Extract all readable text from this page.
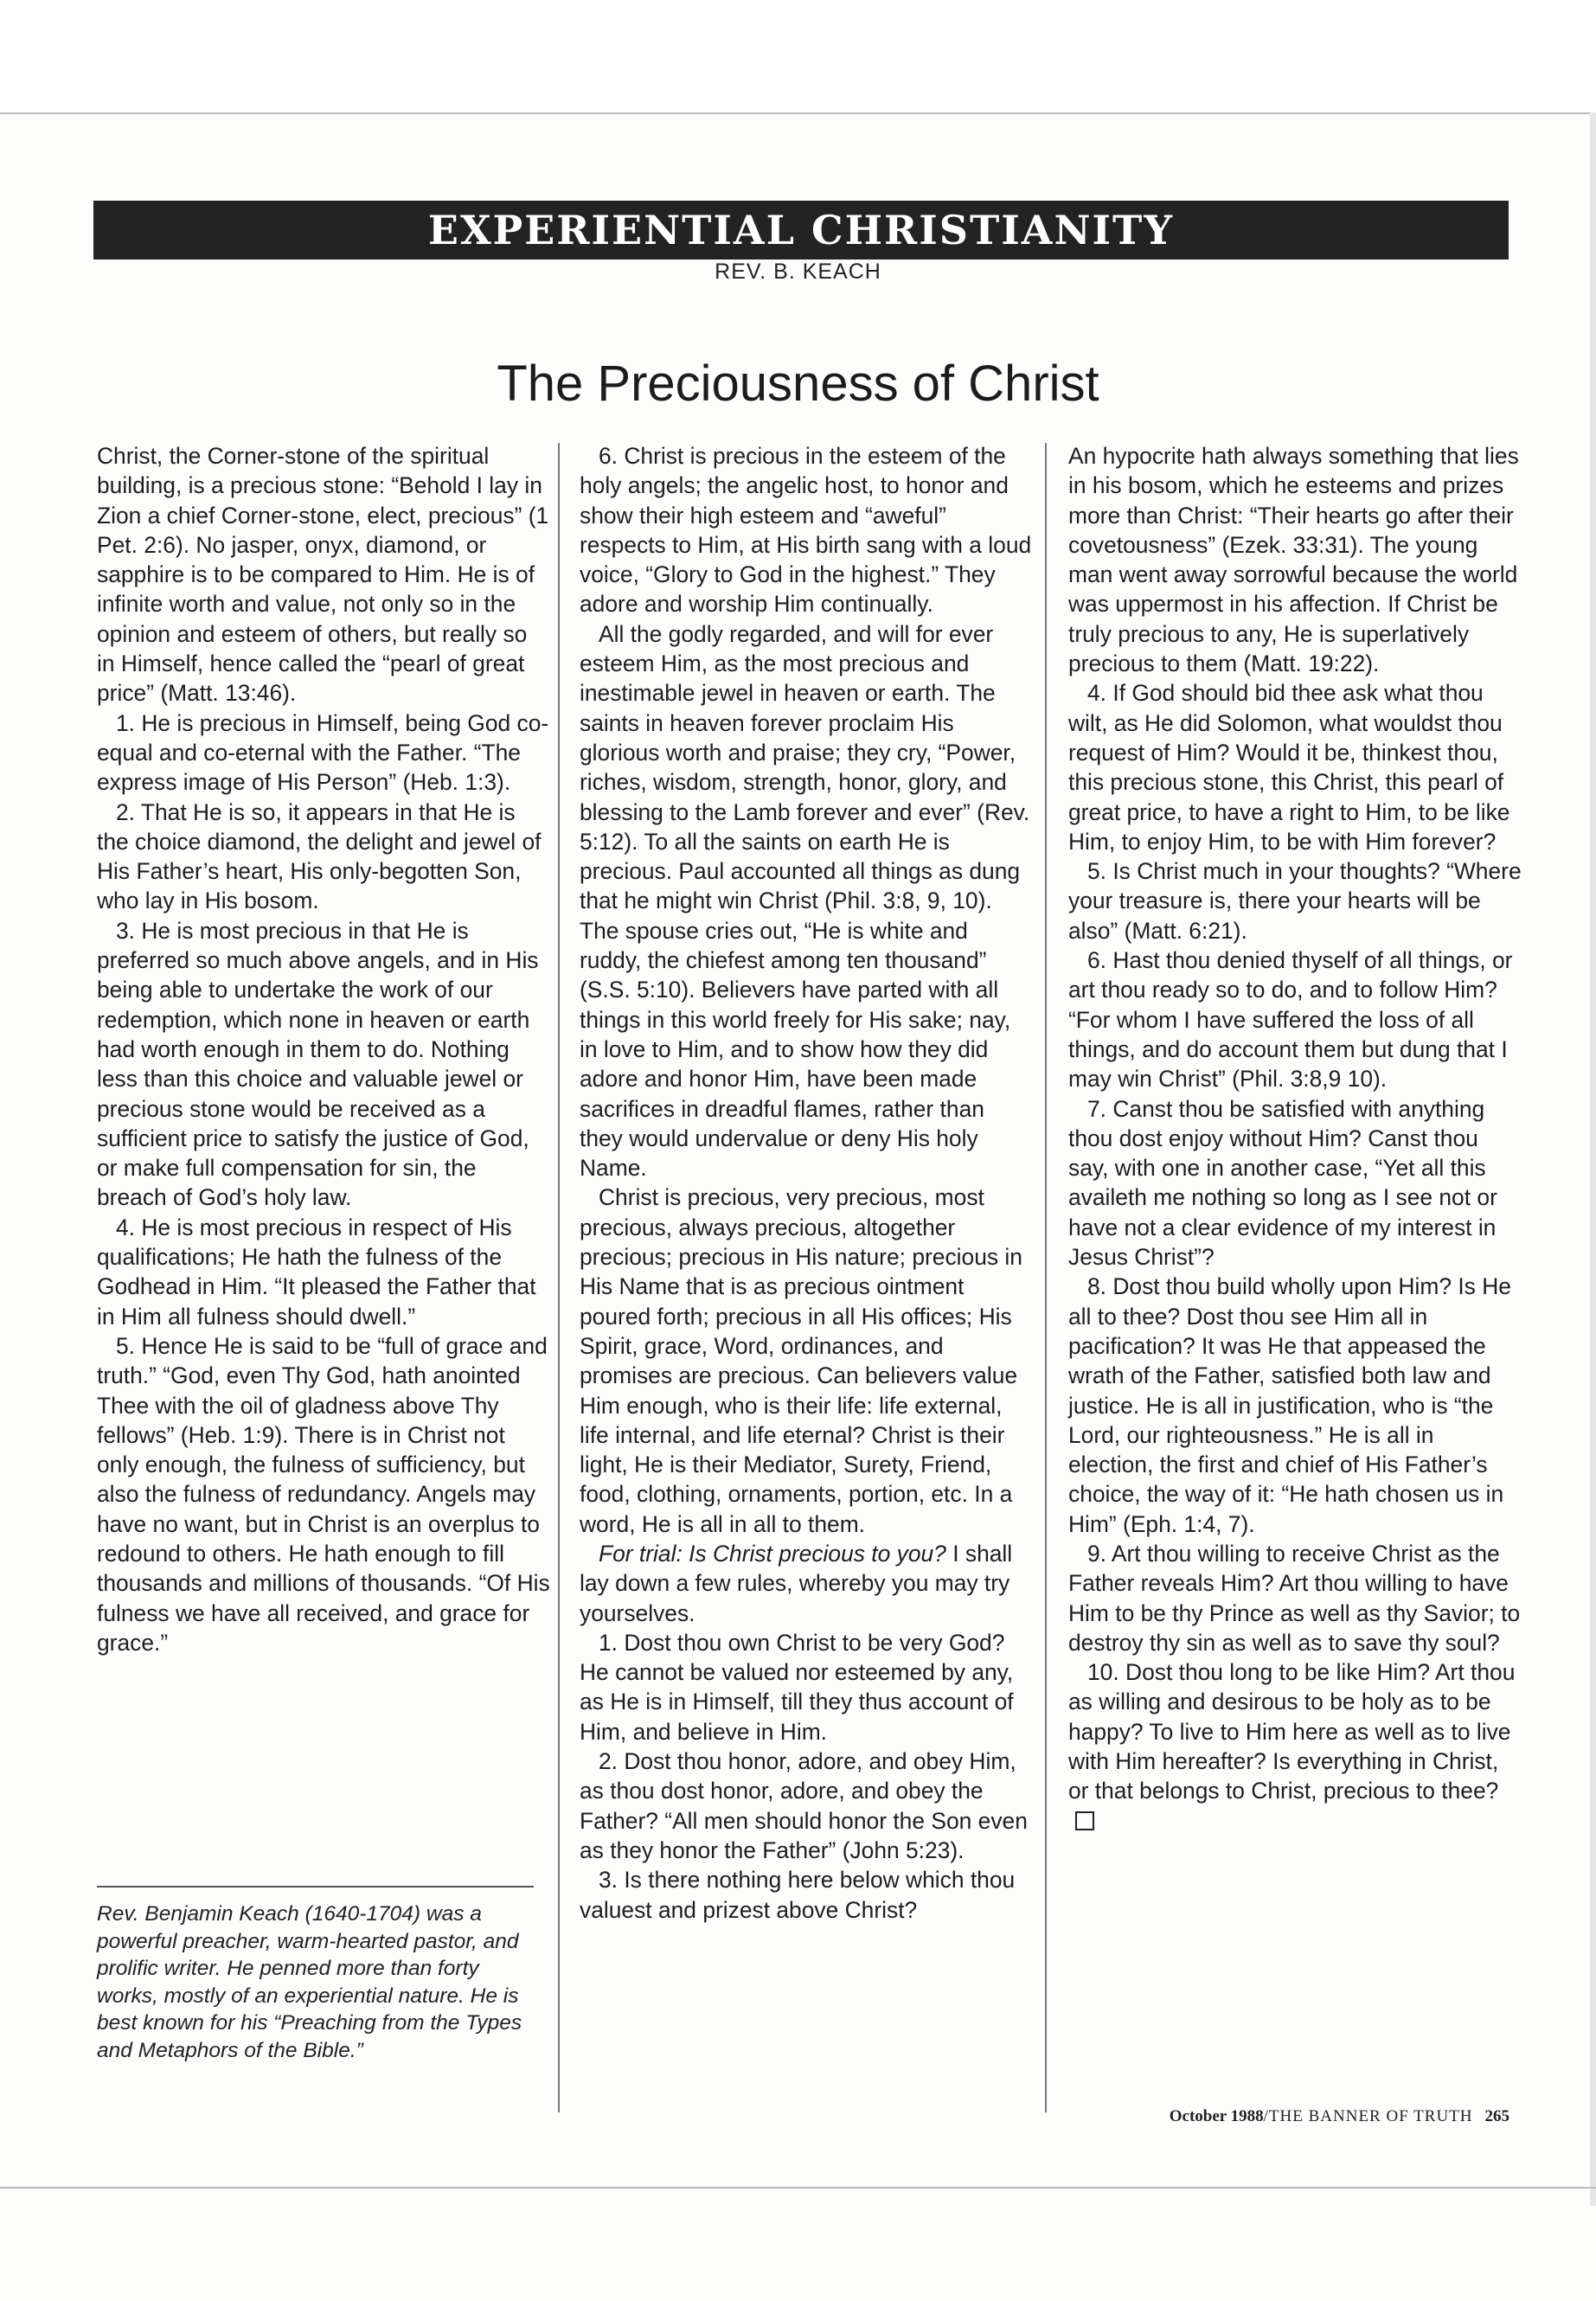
EXPERIENTIAL CHRISTIANITY
REV. B. KEACH
The Preciousness of Christ

Christ, the Corner-stone of the spiritual building, is a precious stone: “Behold I lay in Zion a chief Corner-stone, elect, precious” (1 Pet. 2:6). No jasper, onyx, diamond, or sapphire is to be compared to Him. He is of infinite worth and value, not only so in the opinion and esteem of others, but really so in Himself, hence called the “pearl of great price” (Matt. 13:46).

1. He is precious in Himself, being God co-equal and co-eternal with the Father. “The express image of His Person” (Heb. 1:3).

2. That He is so, it appears in that He is the choice diamond, the delight and jewel of His Father’s heart, His only-begotten Son, who lay in His bosom.

3. He is most precious in that He is preferred so much above angels, and in His being able to undertake the work of our redemption, which none in heaven or earth had worth enough in them to do. Nothing less than this choice and valuable jewel or precious stone would be received as a sufficient price to satisfy the justice of God, or make full compensation for sin, the breach of God’s holy law.

4. He is most precious in respect of His qualifications; He hath the fulness of the Godhead in Him. “It pleased the Father that in Him all fulness should dwell.”

5. Hence He is said to be “full of grace and truth.” “God, even Thy God, hath anointed Thee with the oil of gladness above Thy fellows” (Heb. 1:9). There is in Christ not only enough, the fulness of sufficiency, but also the fulness of redundancy. Angels may have no want, but in Christ is an overplus to redound to others. He hath enough to fill thousands and millions of thousands. “Of His fulness we have all received, and grace for grace.”

Rev. Benjamin Keach (1640-1704) was a powerful preacher, warm-hearted pastor, and prolific writer. He penned more than forty works, mostly of an experiential nature. He is best known for his “Preaching from the Types and Metaphors of the Bible.”

6. Christ is precious in the esteem of the holy angels; the angelic host, to honor and show their high esteem and “aweful” respects to Him, at His birth sang with a loud voice, “Glory to God in the highest.” They adore and worship Him continually.

All the godly regarded, and will for ever esteem Him, as the most precious and inestimable jewel in heaven or earth. The saints in heaven forever proclaim His glorious worth and praise; they cry, “Power, riches, wisdom, strength, honor, glory, and blessing to the Lamb forever and ever” (Rev. 5:12). To all the saints on earth He is precious. Paul accounted all things as dung that he might win Christ (Phil. 3:8, 9, 10). The spouse cries out, “He is white and ruddy, the chiefest among ten thousand” (S.S. 5:10). Believers have parted with all things in this world freely for His sake; nay, in love to Him, and to show how they did adore and honor Him, have been made sacrifices in dreadful flames, rather than they would undervalue or deny His holy Name.

Christ is precious, very precious, most precious, always precious, altogether precious; precious in His nature; precious in His Name that is as precious ointment poured forth; precious in all His offices; His Spirit, grace, Word, ordinances, and promises are precious. Can believers value Him enough, who is their life: life external, life internal, and life eternal? Christ is their light, He is their Mediator, Surety, Friend, food, clothing, ornaments, portion, etc. In a word, He is all in all to them.

For trial: Is Christ precious to you? I shall lay down a few rules, whereby you may try yourselves.

1. Dost thou own Christ to be very God? He cannot be valued nor esteemed by any, as He is in Himself, till they thus account of Him, and believe in Him.

2. Dost thou honor, adore, and obey Him, as thou dost honor, adore, and obey the Father? “All men should honor the Son even as they honor the Father” (John 5:23).

3. Is there nothing here below which thou valuest and prizest above Christ?

An hypocrite hath always something that lies in his bosom, which he esteems and prizes more than Christ: “Their hearts go after their covetousness” (Ezek. 33:31). The young man went away sorrowful because the world was uppermost in his affection. If Christ be truly precious to any, He is superlatively precious to them (Matt. 19:22).

4. If God should bid thee ask what thou wilt, as He did Solomon, what wouldst thou request of Him? Would it be, thinkest thou, this precious stone, this Christ, this pearl of great price, to have a right to Him, to be like Him, to enjoy Him, to be with Him forever?

5. Is Christ much in your thoughts? “Where your treasure is, there your hearts will be also” (Matt. 6:21).

6. Hast thou denied thyself of all things, or art thou ready so to do, and to follow Him? “For whom I have suffered the loss of all things, and do account them but dung that I may win Christ” (Phil. 3:8,9 10).

7. Canst thou be satisfied with anything thou dost enjoy without Him? Canst thou say, with one in another case, “Yet all this availeth me nothing so long as I see not or have not a clear evidence of my interest in Jesus Christ”?

8. Dost thou build wholly upon Him? Is He all to thee? Dost thou see Him all in pacification? It was He that appeased the wrath of the Father, satisfied both law and justice. He is all in justification, who is “the Lord, our righteousness.” He is all in election, the first and chief of His Father’s choice, the way of it: “He hath chosen us in Him” (Eph. 1:4, 7).

9. Art thou willing to receive Christ as the Father reveals Him? Art thou willing to have Him to be thy Prince as well as thy Savior; to destroy thy sin as well as to save thy soul?

10. Dost thou long to be like Him? Art thou as willing and desirous to be holy as to be happy? To live to Him here as well as to live with Him hereafter? Is everything in Christ, or that belongs to Christ, precious to thee?

October 1988/THE BANNER OF TRUTH 265
